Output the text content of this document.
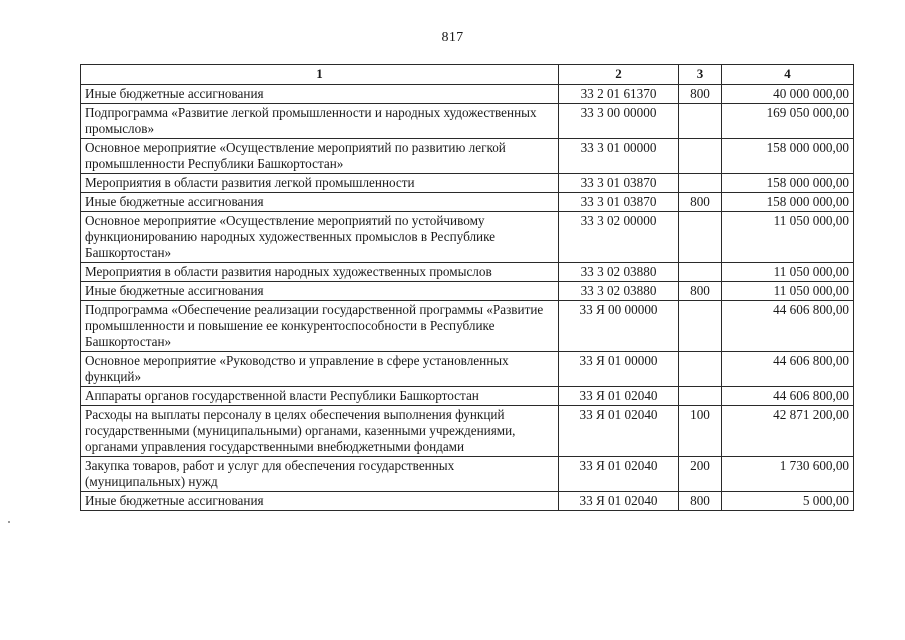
817
1	2	3	4
Иные бюджетные ассигнования	33 2 01 61370	800	40 000 000,00
Подпрограмма «Развитие легкой промышленности и народных художественных промыслов»	33 3 00 00000		169 050 000,00
Основное мероприятие «Осуществление мероприятий по развитию легкой промышленности Республики Башкортостан»	33 3 01 00000		158 000 000,00
Мероприятия в области развития легкой промышленности	33 3 01 03870		158 000 000,00
Иные бюджетные ассигнования	33 3 01 03870	800	158 000 000,00
Основное мероприятие «Осуществление мероприятий по устойчивому функционированию народных художественных промыслов в Республике Башкортостан»	33 3 02 00000		11 050 000,00
Мероприятия в области развития народных художественных промыслов	33 3 02 03880		11 050 000,00
Иные бюджетные ассигнования	33 3 02 03880	800	11 050 000,00
Подпрограмма «Обеспечение реализации государственной программы «Развитие промышленности и повышение ее конкурентоспособности в Республике Башкортостан»	33 Я 00 00000		44 606 800,00
Основное мероприятие «Руководство и управление в сфере установленных функций»	33 Я 01 00000		44 606 800,00
Аппараты органов государственной власти Республики Башкортостан	33 Я 01 02040		44 606 800,00
Расходы на выплаты персоналу в целях обеспечения выполнения функций государственными (муниципальными) органами, казенными учреждениями, органами управления государственными внебюджетными фондами	33 Я 01 02040	100	42 871 200,00
Закупка товаров, работ и услуг для обеспечения государственных (муниципальных) нужд	33 Я 01 02040	200	1 730 600,00
Иные бюджетные ассигнования	33 Я 01 02040	800	5 000,00
